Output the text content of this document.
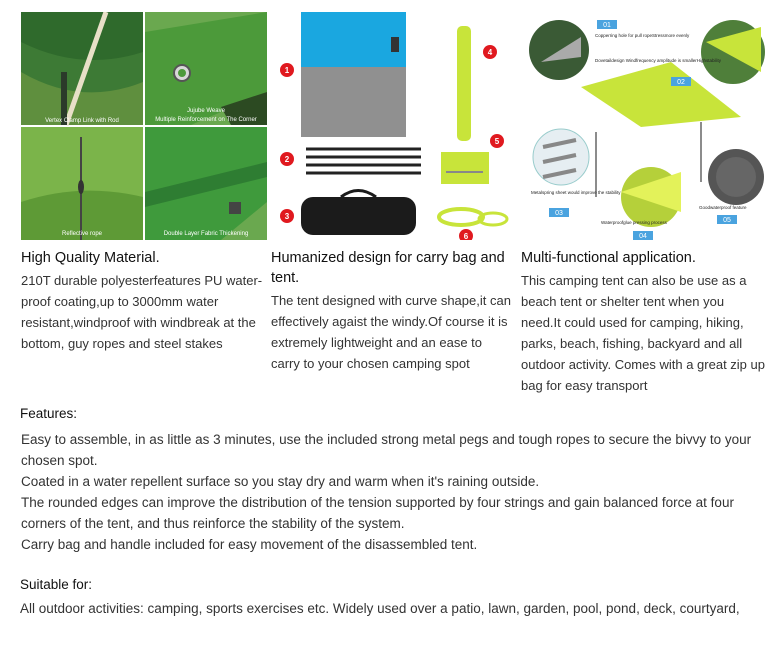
Vertex Clamp Link with Rod
Jujube Weave
Multiple Reinforcement on The Corner
Reflective rope	Double Layer Fabric Thickening
High Quality Material.
210T durable polyesterfeatures PU water-proof coating,up to 3000mm water resistant,windproof with windbreak at the bottom, guy ropes and steel stakes
1
2
3
4
5
6
Humanized design for carry bag and tent.
The tent designed with curve shape,it can effectively agaist the windy.Of course it is extremely lightweight and an ease to carry to your chosen camping spot
01
Copperring hole for pull ropeStressmore evenly
Dovetaildesign Windfrequency amplitude is smallerHighstability
02
Metalspring sheet would improve the stability
03
Waterproofglue pressing process
04
Goodwaterproof feature
05
Multi-functional application.
This camping tent can also be use as a beach tent or shelter tent when you need.It could used for camping, hiking, parks, beach, fishing, backyard and all outdoor activity. Comes with a great zip up bag for easy transport
Features:
Easy to assemble, in as little as 3 minutes, use the included strong metal pegs and tough ropes to secure the bivvy to your chosen spot.
Coated in a water repellent surface so you stay dry and warm when it's raining outside.
The rounded edges can improve the distribution of the tension supported by four strings and gain balanced force at four corners of the tent, and thus reinforce the stability of the system.
Carry bag and handle included for easy movement of the disassembled tent.
Suitable for:
All outdoor activities: camping, sports exercises etc. Widely used over a patio, lawn, garden, pool, pond, deck, courtyard,
